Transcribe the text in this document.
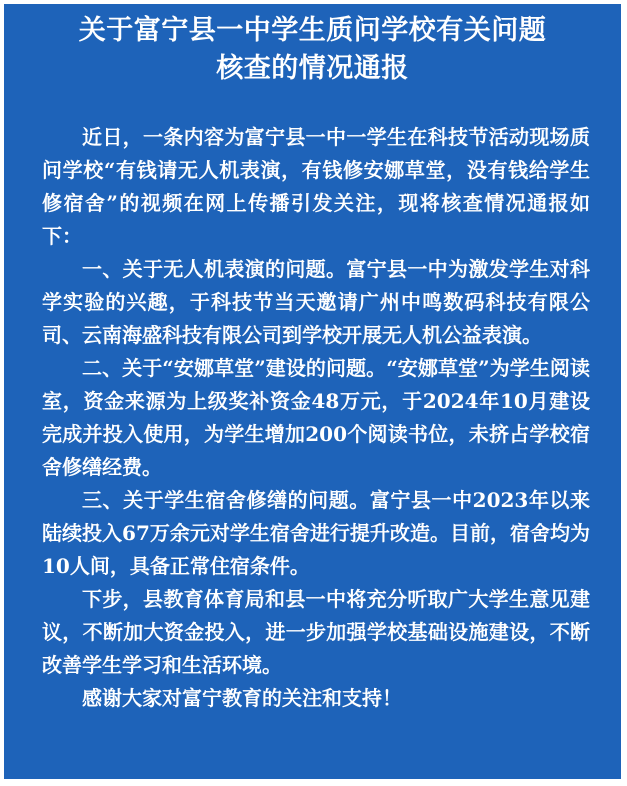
关于富宁县一中学生质问学校有关问题
核查的情况通报

近日，一条内容为富宁县一中一学生在科技节活动现场质问学校“有钱请无人机表演，有钱修安娜草堂，没有钱给学生修宿舍”的视频在网上传播引发关注，现将核查情况通报如下：

一、关于无人机表演的问题。富宁县一中为激发学生对科学实验的兴趣，于科技节当天邀请广州中鸣数码科技有限公司、云南海盛科技有限公司到学校开展无人机公益表演。

二、关于“安娜草堂”建设的问题。“安娜草堂”为学生阅读室，资金来源为上级奖补资金48万元，于2024年10月建设完成并投入使用，为学生增加200个阅读书位，未挤占学校宿舍修缮经费。

三、关于学生宿舍修缮的问题。富宁县一中2023年以来陆续投入67万余元对学生宿舍进行提升改造。目前，宿舍均为10人间，具备正常住宿条件。

下步，县教育体育局和县一中将充分听取广大学生意见建议，不断加大资金投入，进一步加强学校基础设施建设，不断改善学生学习和生活环境。

感谢大家对富宁教育的关注和支持！
